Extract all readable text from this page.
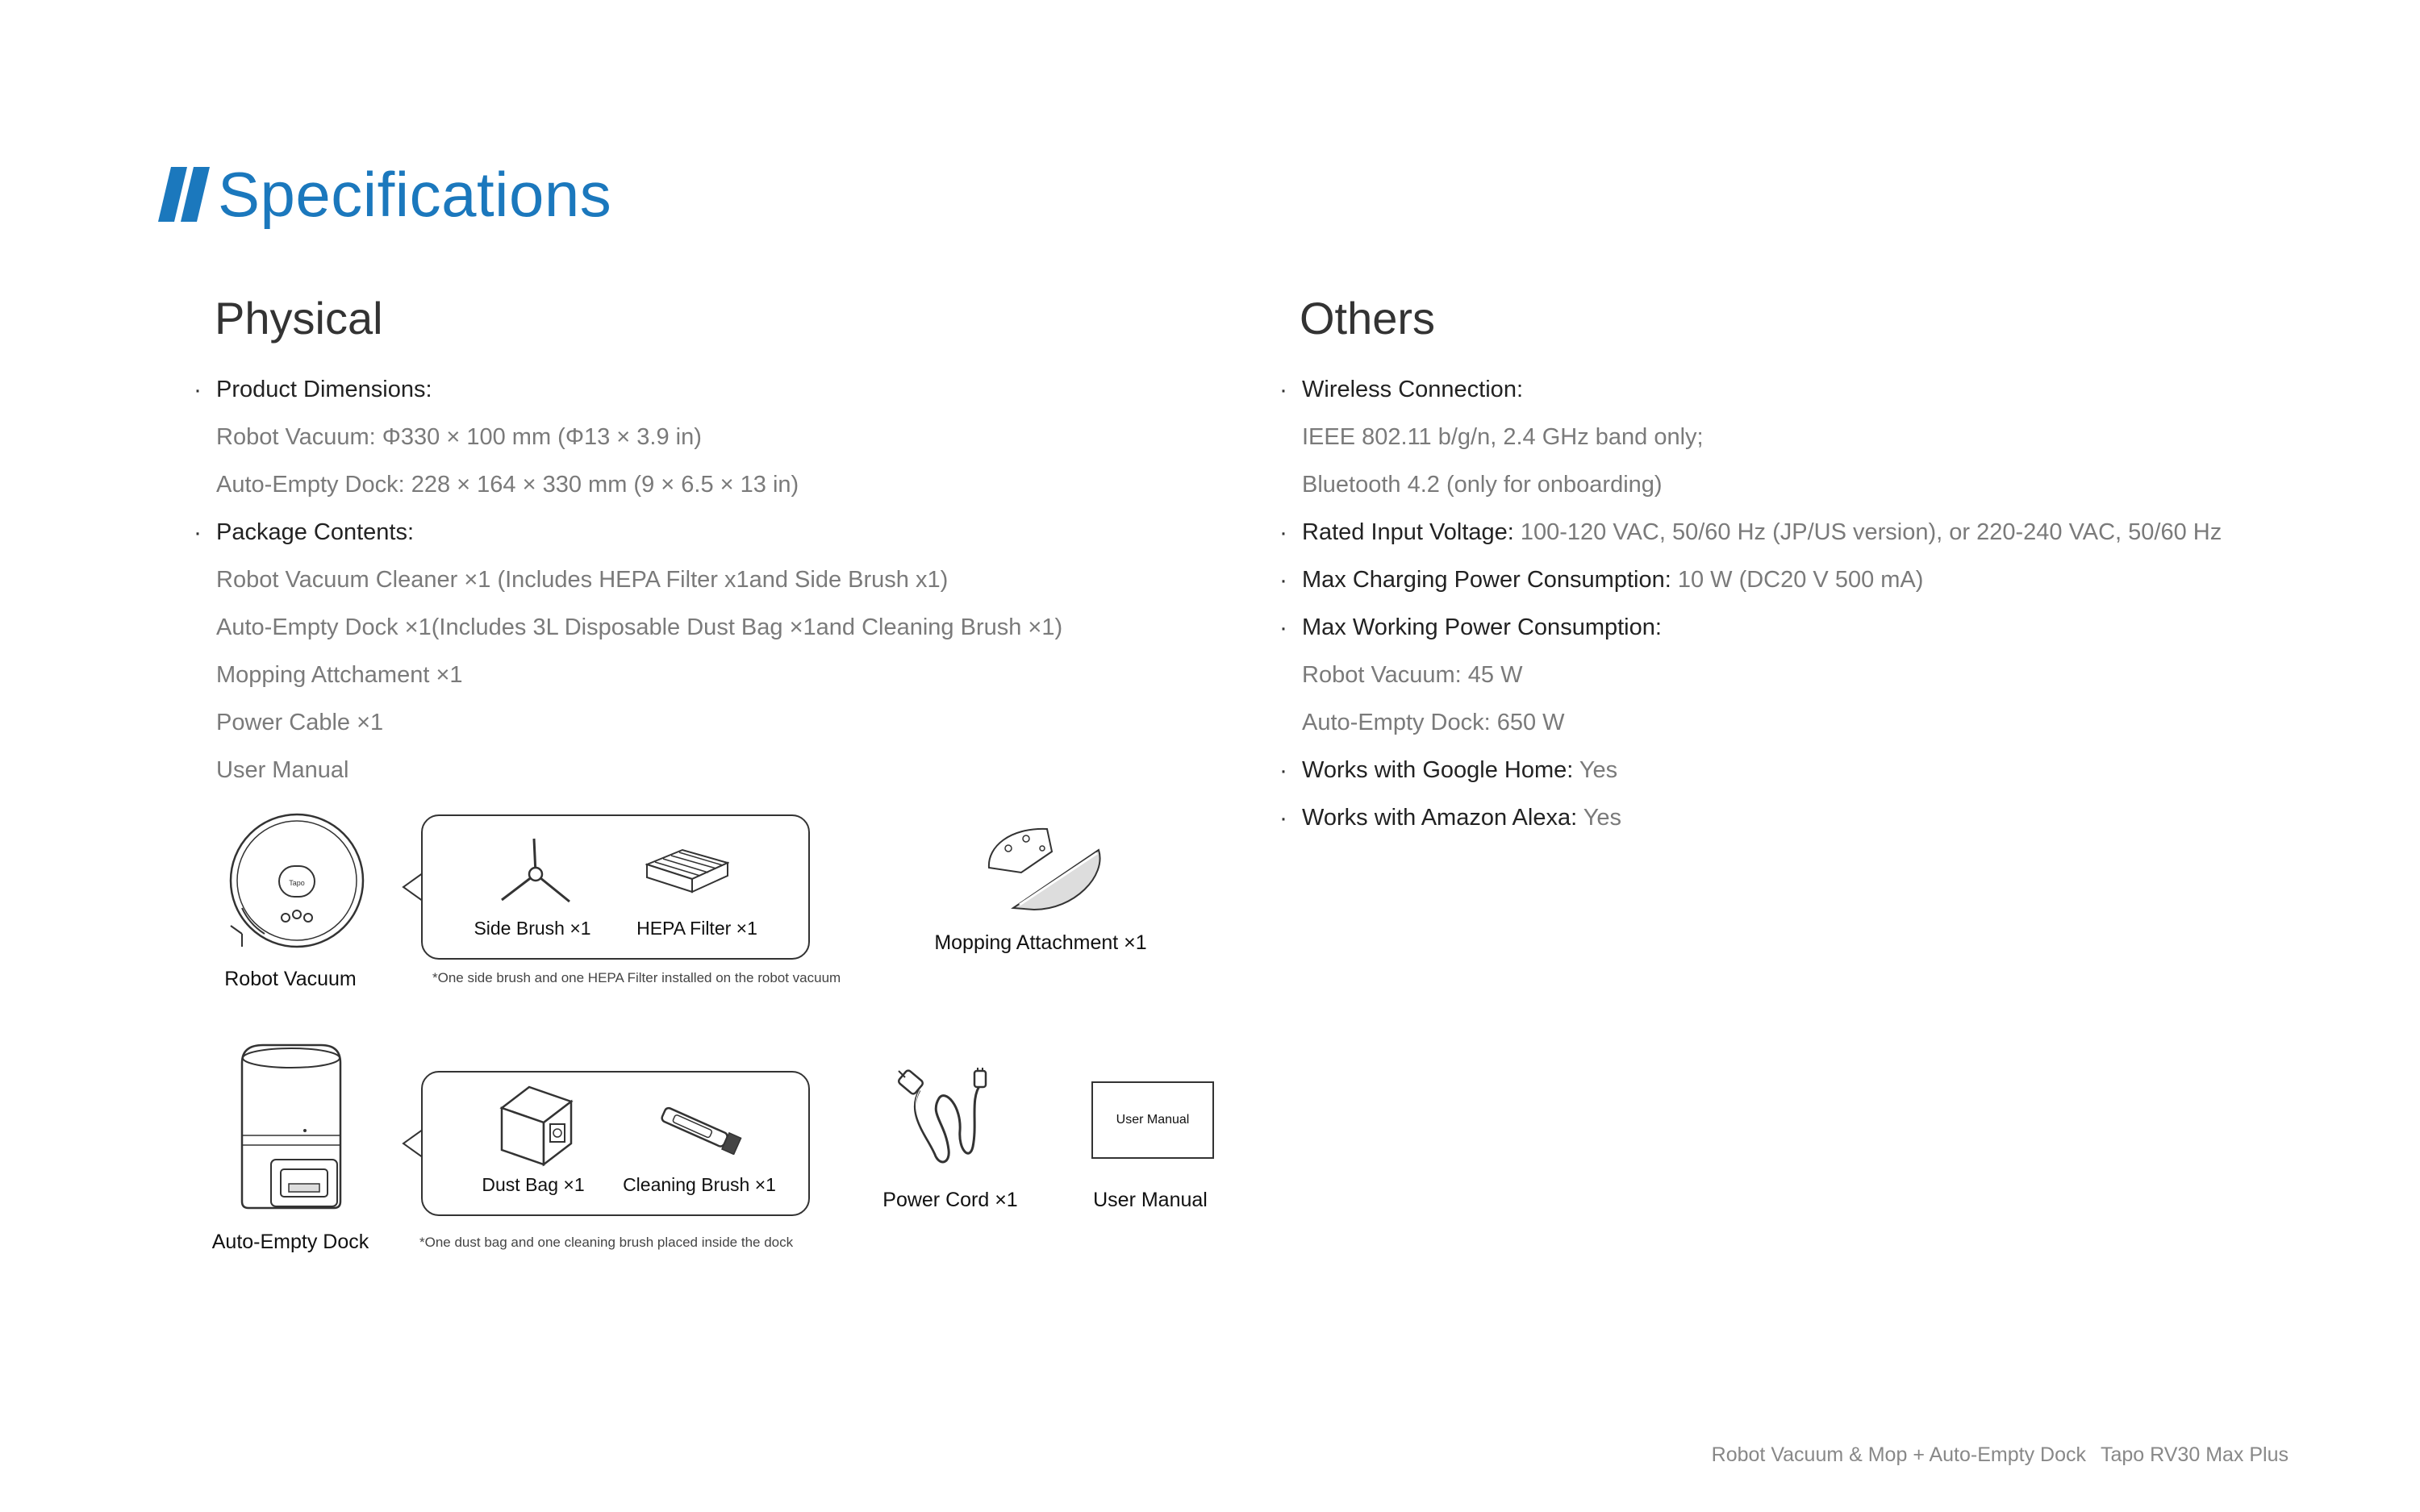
Specifications
Physical
· Product Dimensions:
Robot Vacuum: Φ330 × 100 mm (Φ13 × 3.9 in)
Auto-Empty Dock: 228 × 164 × 330 mm (9 × 6.5 × 13 in)
· Package Contents:
Robot Vacuum Cleaner ×1 (Includes HEPA Filter x1and Side Brush x1)
Auto-Empty Dock ×1(Includes 3L Disposable Dust Bag ×1and Cleaning Brush ×1)
Mopping Attchament ×1
Power Cable ×1
User Manual
Others
· Wireless Connection:
IEEE 802.11 b/g/n, 2.4 GHz band only;
Bluetooth 4.2 (only for onboarding)
· Rated Input Voltage: 100-120 VAC, 50/60 Hz (JP/US version), or 220-240 VAC, 50/60 Hz
· Max Charging Power Consumption: 10 W (DC20 V 500 mA)
· Max Working Power Consumption:
Robot Vacuum: 45 W
Auto-Empty Dock: 650 W
· Works with Google Home: Yes
· Works with Amazon Alexa: Yes
Tapo
Robot Vacuum
Side Brush ×1	HEPA Filter ×1
*One side brush and one HEPA Filter installed on the robot vacuum
Mopping Attachment ×1
Auto-Empty Dock
Dust Bag ×1	Cleaning Brush ×1
*One dust bag and one cleaning brush placed inside the dock
Power Cord ×1
User Manual
User Manual
Robot Vacuum & Mop + Auto-Empty Dock Tapo RV30 Max Plus
